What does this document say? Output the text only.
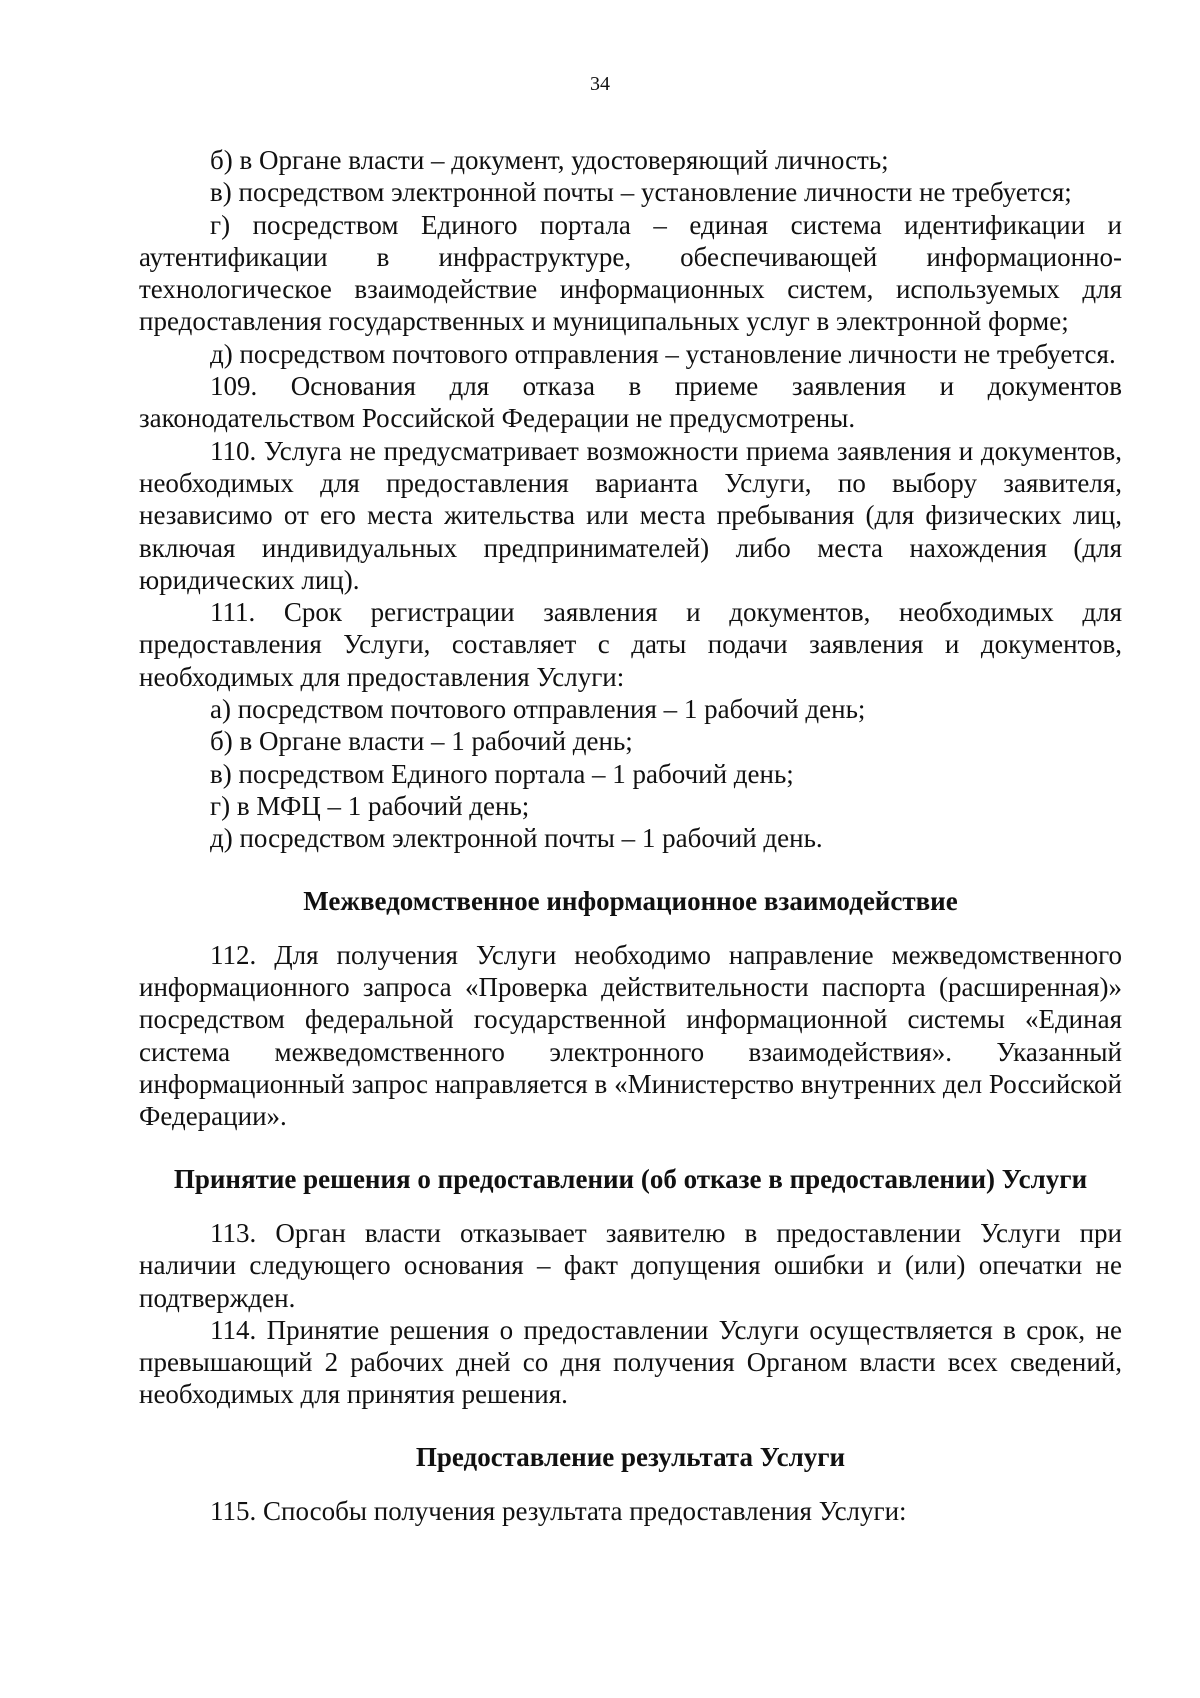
34

б) в Органе власти – документ, удостоверяющий личность;

в) посредством электронной почты – установление личности не требуется;

г) посредством Единого портала – единая система идентификации и аутентификации в инфраструктуре, обеспечивающей информационно-технологическое взаимодействие информационных систем, используемых для предоставления государственных и муниципальных услуг в электронной форме;

д) посредством почтового отправления – установление личности не требуется.

109. Основания для отказа в приеме заявления и документов законодательством Российской Федерации не предусмотрены.

110. Услуга не предусматривает возможности приема заявления и документов, необходимых для предоставления варианта Услуги, по выбору заявителя, независимо от его места жительства или места пребывания (для физических лиц, включая индивидуальных предпринимателей) либо места нахождения (для юридических лиц).

111. Срок регистрации заявления и документов, необходимых для предоставления Услуги, составляет с даты подачи заявления и документов, необходимых для предоставления Услуги:

а) посредством почтового отправления – 1 рабочий день;

б) в Органе власти – 1 рабочий день;

в) посредством Единого портала – 1 рабочий день;

г) в МФЦ – 1 рабочий день;

д) посредством электронной почты – 1 рабочий день.

Межведомственное информационное взаимодействие

112. Для получения Услуги необходимо направление межведомственного информационного запроса «Проверка действительности паспорта (расширенная)» посредством федеральной государственной информационной системы «Единая система межведомственного электронного взаимодействия». Указанный информационный запрос направляется в «Министерство внутренних дел Российской Федерации».

Принятие решения о предоставлении (об отказе в предоставлении) Услуги

113. Орган власти отказывает заявителю в предоставлении Услуги при наличии следующего основания – факт допущения ошибки и (или) опечатки не подтвержден.

114. Принятие решения о предоставлении Услуги осуществляется в срок, не превышающий 2 рабочих дней со дня получения Органом власти всех сведений, необходимых для принятия решения.

Предоставление результата Услуги

115. Способы получения результата предоставления Услуги:
